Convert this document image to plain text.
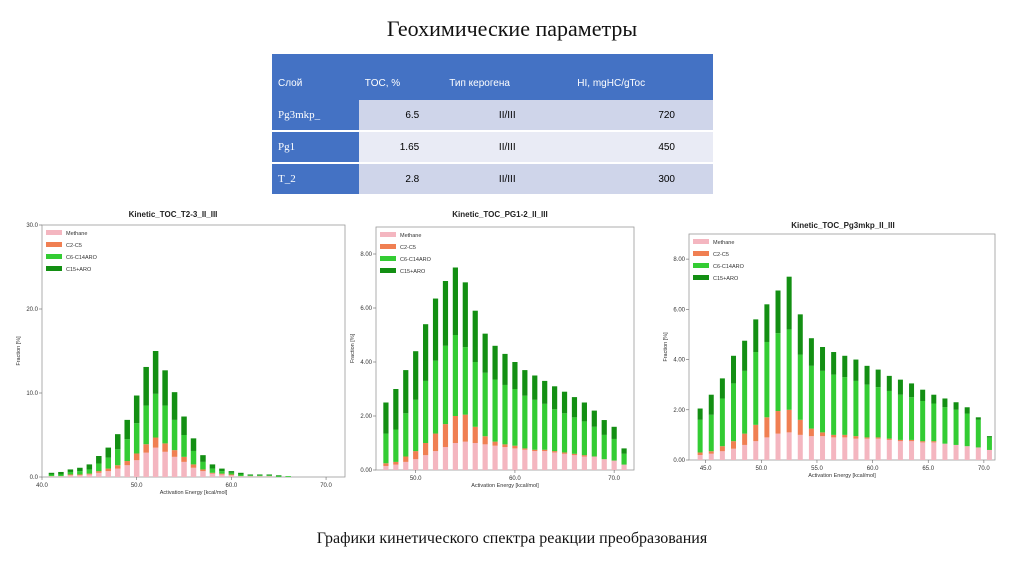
Геохимические параметры
Слой	TOC, %	Тип керогена	HI, mgHC/gToc
Pg3mkp_	6.5	II/III	720
Pg1	1.65	II/III	450
T_2	2.8	II/III	300
Kinetic_TOC_T2-3_II_III
0.0
10.0
20.0
30.0
40.0	50.0	60.0	70.0
Activation Energy [kcal/mol]
Fraction [%]
Methane
C2-C5
C6-C14ARO
C15+ARO
Kinetic_TOC_PG1-2_II_III
0.00
2.00
4.00
6.00
8.00
50.0	60.0	70.0
Activation Energy [kcal/mol]
Fraction [%]
Methane
C2-C5
C6-C14ARO
C15+ARO
Kinetic_TOC_Pg3mkp_II_III
0.00
2.00
4.00
6.00
8.00
45.0	50.0	55.0	60.0	65.0	70.0
Activation Energy [kcal/mol]
Fraction [%]
Methane
C2-C5
C6-C14ARO
C15+ARO
Графики кинетического спектра реакции преобразования
